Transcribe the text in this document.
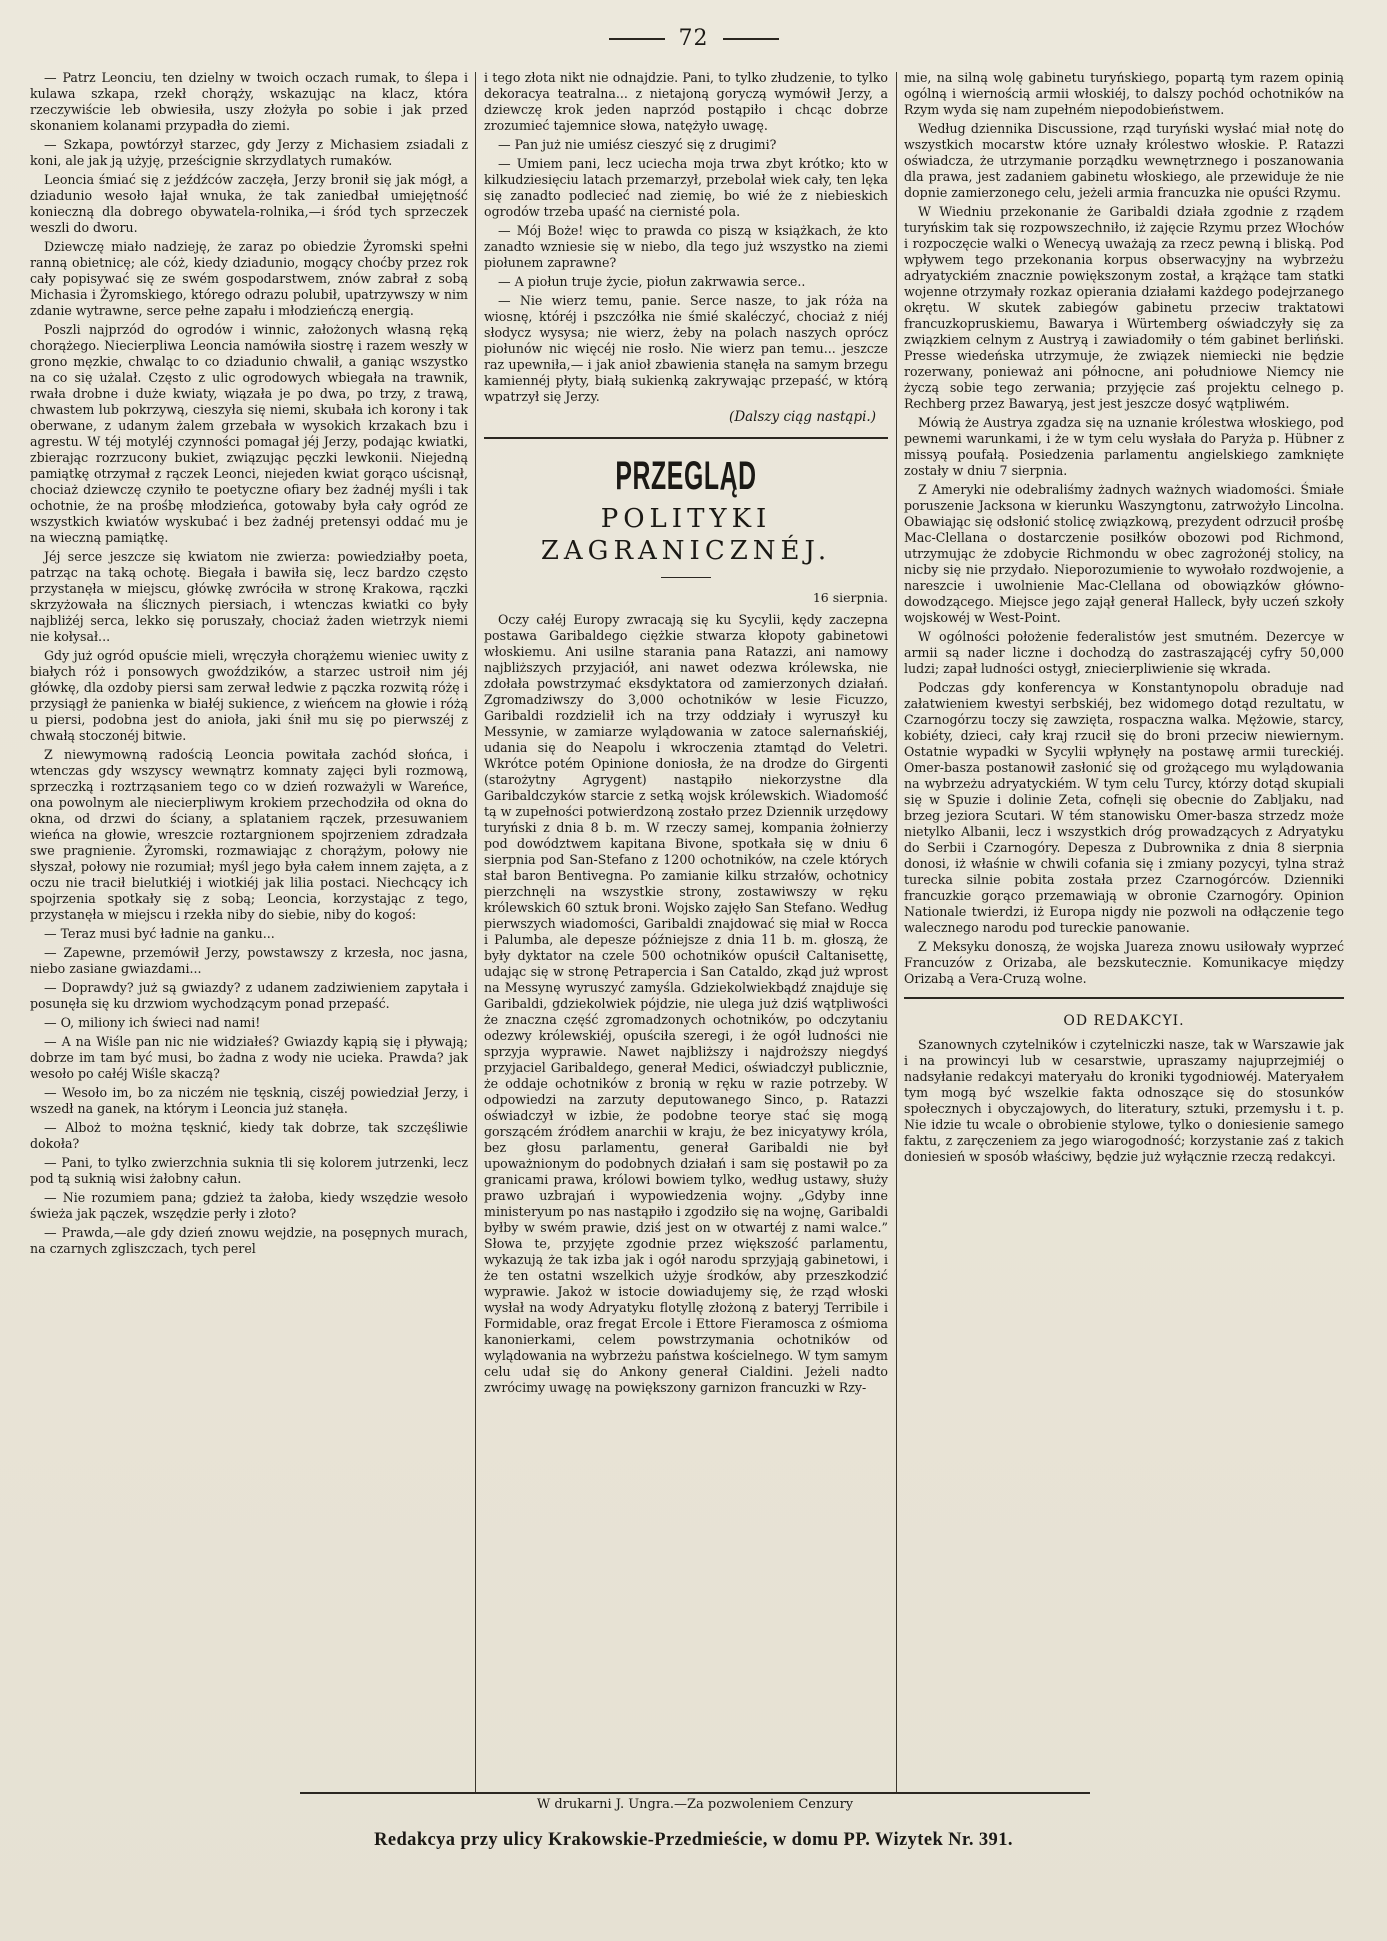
72

— Patrz Leonciu, ten dzielny w twoich oczach rumak, to ślepa i kulawa szkapa, rzekł chorąży, wskazując na klacz, która rzeczywiście leb obwiesiła, uszy złożyła po sobie i jak przed skonaniem kolanami przypadła do ziemi.

— Szkapa, powtórzył starzec, gdy Jerzy z Michasiem zsiadali z koni, ale jak ją użyję, prześcignie skrzydlatych rumaków.

Leoncia śmiać się z jeźdźców zaczęła, Jerzy bronił się jak mógł, a dziadunio wesoło łajał wnuka, że tak zaniedbał umiejętność konieczną dla dobrego obywatela-rolnika,—i śród tych sprzeczek weszli do dworu.

Dziewczę miało nadzieję, że zaraz po obiedzie Żyromski spełni ranną obietnicę; ale cóż, kiedy dziadunio, mogący choćby przez rok cały popisywać się ze swém gospodarstwem, znów zabrał z sobą Michasia i Żyromskiego, którego odrazu polubił, upatrzywszy w nim zdanie wytrawne, serce pełne zapału i młodzieńczą energią.

Poszli najprzód do ogrodów i winnic, założonych własną ręką chorążego. Niecierpliwa Leoncia namówiła siostrę i razem weszły w grono męzkie, chwaląc to co dziadunio chwalił, a ganiąc wszystko na co się użalał. Często z ulic ogrodowych wbiegała na trawnik, rwała drobne i duże kwiaty, wiązała je po dwa, po trzy, z trawą, chwastem lub pokrzywą, cieszyła się niemi, skubała ich korony i tak oberwane, z udanym żalem grzebała w wysokich krzakach bzu i agrestu. W téj motyléj czynności pomagał jéj Jerzy, podając kwiatki, zbierając rozrzucony bukiet, związując pęczki lewkonii. Niejedną pamiątkę otrzymał z rączek Leonci, niejeden kwiat gorąco uścisnął, chociaż dziewczę czyniło te poetyczne ofiary bez żadnéj myśli i tak ochotnie, że na prośbę młodzieńca, gotowaby była cały ogród ze wszystkich kwiatów wyskubać i bez żadnéj pretensyi oddać mu je na wieczną pamiątkę.

Jéj serce jeszcze się kwiatom nie zwierza: powiedziałby poeta, patrząc na taką ochotę. Biegała i bawiła się, lecz bardzo często przystanęła w miejscu, główkę zwróciła w stronę Krakowa, rączki skrzyżowała na ślicznych piersiach, i wtenczas kwiatki co były najbliżéj serca, lekko się poruszały, chociaż żaden wietrzyk niemi nie kołysał...

Gdy już ogród opuście mieli, wręczyła chorążemu wieniec uwity z białych róż i ponsowych gwoździków, a starzec ustroił nim jéj główkę, dla ozdoby piersi sam zerwał ledwie z pączka rozwitą różę i przysiągł że panienka w białéj sukience, z wieńcem na głowie i różą u piersi, podobna jest do anioła, jaki śnił mu się po pierwszéj z chwałą stoczonéj bitwie.

Z niewymowną radością Leoncia powitała zachód słońca, i wtenczas gdy wszyscy wewnątrz komnaty zajęci byli rozmową, sprzeczką i roztrząsaniem tego co w dzień rozważyli w Wareńce, ona powolnym ale niecierpliwym krokiem przechodziła od okna do okna, od drzwi do ściany, a splataniem rączek, przesuwaniem wieńca na głowie, wreszcie roztargnionem spojrzeniem zdradzała swe pragnienie. Żyromski, rozmawiając z chorążym, połowy nie słyszał, połowy nie rozumiał; myśl jego była całem innem zajęta, a z oczu nie tracił bielutkiéj i wiotkiéj jak lilia postaci. Niechcący ich spojrzenia spotkały się z sobą; Leoncia, korzystając z tego, przystanęła w miejscu i rzekła niby do siebie, niby do kogoś:

— Teraz musi być ładnie na ganku...

— Zapewne, przemówił Jerzy, powstawszy z krzesła, noc jasna, niebo zasiane gwiazdami...

— Doprawdy? już są gwiazdy? z udanem zadziwieniem zapytała i posunęła się ku drzwiom wychodzącym ponad przepaść.

— O, miliony ich świeci nad nami!

— A na Wiśle pan nic nie widziałeś? Gwiazdy kąpią się i pływają; dobrze im tam być musi, bo żadna z wody nie ucieka. Prawda? jak wesoło po całéj Wiśle skaczą?

— Wesoło im, bo za niczém nie tęsknią, ciszéj powiedział Jerzy, i wszedł na ganek, na którym i Leoncia już stanęła.

— Alboż to można tęsknić, kiedy tak dobrze, tak szczęśliwie dokoła?

— Pani, to tylko zwierzchnia suknia tli się kolorem jutrzenki, lecz pod tą suknią wisi żałobny całun.

— Nie rozumiem pana; gdzież ta żałoba, kiedy wszędzie wesoło świeża jak pączek, wszędzie perły i złoto?

— Prawda,—ale gdy dzień znowu wejdzie, na posępnych murach, na czarnych zgliszczach, tych perel

i tego złota nikt nie odnajdzie. Pani, to tylko złudzenie, to tylko dekoracya teatralna... z nietajoną goryczą wymówił Jerzy, a dziewczę krok jeden naprzód postąpiło i chcąc dobrze zrozumieć tajemnice słowa, natężyło uwagę.

— Pan już nie umiész cieszyć się z drugimi?

— Umiem pani, lecz uciecha moja trwa zbyt krótko; kto w kilkudziesięciu latach przemarzył, przebolał wiek cały, ten lęka się zanadto podlecieć nad ziemię, bo wié że z niebieskich ogrodów trzeba upaść na ciernisté pola.

— Mój Boże! więc to prawda co piszą w książkach, że kto zanadto wzniesie się w niebo, dla tego już wszystko na ziemi piołunem zaprawne?

— A piołun truje życie, piołun zakrwawia serce..

— Nie wierz temu, panie. Serce nasze, to jak róża na wiosnę, któréj i pszczółka nie śmié skaléczyć, chociaż z niéj słodycz wysysa; nie wierz, żeby na polach naszych oprócz piołunów nic więcéj nie rosło. Nie wierz pan temu... jeszcze raz upewniła,— i jak anioł zbawienia stanęła na samym brzegu kamiennéj płyty, białą sukienką zakrywając przepaść, w którą wpatrzył się Jerzy.

(Dalszy ciąg nastąpi.)
PRZEGLĄD
POLITYKI ZAGRANICZNÉJ.
16 sierpnia.

Oczy całéj Europy zwracają się ku Sycylii, kędy zaczepna postawa Garibaldego ciężkie stwarza kłopoty gabinetowi włoskiemu. Ani usilne starania pana Ratazzi, ani namowy najbliższych przyjaciół, ani nawet odezwa królewska, nie zdołała powstrzymać eksdyktatora od zamierzonych działań. Zgromadziwszy do 3,000 ochotników w lesie Ficuzzo, Garibaldi rozdzielił ich na trzy oddziały i wyruszył ku Messynie, w zamiarze wylądowania w zatoce salernańskiéj, udania się do Neapolu i wkroczenia ztamtąd do Veletri. Wkrótce potém Opinione doniosła, że na drodze do Girgenti (starożytny Agrygent) nastąpiło niekorzystne dla Garibaldczyków starcie z setką wojsk królewskich. Wiadomość tą w zupełności potwierdzoną zostało przez Dziennik urzędowy turyński z dnia 8 b. m. W rzeczy samej, kompania żołnierzy pod dowództwem kapitana Bivone, spotkała się w dniu 6 sierpnia pod San-Stefano z 1200 ochotników, na czele których stał baron Bentivegna. Po zamianie kilku strzałów, ochotnicy pierzchnęli na wszystkie strony, zostawiwszy w ręku królewskich 60 sztuk broni. Wojsko zajęło San Stefano. Według pierwszych wiadomości, Garibaldi znajdować się miał w Rocca i Palumba, ale depesze późniejsze z dnia 11 b. m. głoszą, że były dyktator na czele 500 ochotników opuścił Caltanisettę, udając się w stronę Petrapercia i San Cataldo, zkąd już wprost na Messynę wyruszyć zamyśla. Gdziekolwiekbądź znajduje się Garibaldi, gdziekolwiek pójdzie, nie ulega już dziś wątpliwości że znaczna część zgromadzonych ochotników, po odczytaniu odezwy królewskiéj, opuściła szeregi, i że ogół ludności nie sprzyja wyprawie. Nawet najbliższy i najdroższy niegdyś przyjaciel Garibaldego, generał Medici, oświadczył publicznie, że oddaje ochotników z bronią w ręku w razie potrzeby. W odpowiedzi na zarzuty deputowanego Sinco, p. Ratazzi oświadczył w izbie, że podobne teorye stać się mogą gorszącém źródłem anarchii w kraju, że bez inicyatywy króla, bez głosu parlamentu, generał Garibaldi nie był upoważnionym do podobnych działań i sam się postawił po za granicami prawa, królowi bowiem tylko, według ustawy, służy prawo uzbrajań i wypowiedzenia wojny. „Gdyby inne ministeryum po nas nastąpiło i zgodziło się na wojnę, Garibaldi byłby w swém prawie, dziś jest on w otwartéj z nami walce.” Słowa te, przyjęte zgodnie przez większość parlamentu, wykazują że tak izba jak i ogół narodu sprzyjają gabinetowi, i że ten ostatni wszelkich użyje środków, aby przeszkodzić wyprawie. Jakoż w istocie dowiadujemy się, że rząd włoski wysłał na wody Adryatyku flotyllę złożoną z bateryj Terribile i Formidable, oraz fregat Ercole i Ettore Fieramosca z ośmioma kanonierkami, celem powstrzymania ochotników od wylądowania na wybrzeżu państwa kościelnego. W tym samym celu udał się do Ankony generał Cialdini. Jeżeli nadto zwrócimy uwagę na powiększony garnizon francuzki w Rzy-

mie, na silną wolę gabinetu turyńskiego, popartą tym razem opinią ogólną i wiernością armii włoskiéj, to dalszy pochód ochotników na Rzym wyda się nam zupełném niepodobieństwem.

Według dziennika Discussione, rząd turyński wysłać miał notę do wszystkich mocarstw które uznały królestwo włoskie. P. Ratazzi oświadcza, że utrzymanie porządku wewnętrznego i poszanowania dla prawa, jest zadaniem gabinetu włoskiego, ale przewiduje że nie dopnie zamierzonego celu, jeżeli armia francuzka nie opuści Rzymu.

W Wiedniu przekonanie że Garibaldi działa zgodnie z rządem turyńskim tak się rozpowszechniło, iż zajęcie Rzymu przez Włochów i rozpoczęcie walki o Wenecyą uważają za rzecz pewną i bliską. Pod wpływem tego przekonania korpus obserwacyjny na wybrzeżu adryatyckiém znacznie powiększonym został, a krążące tam statki wojenne otrzymały rozkaz opierania działami każdego podejrzanego okrętu. W skutek zabiegów gabinetu przeciw traktatowi francuzkopruskiemu, Bawarya i Würtemberg oświadczyły się za związkiem celnym z Austryą i zawiadomiły o tém gabinet berliński. Presse wiedeńska utrzymuje, że związek niemiecki nie będzie rozerwany, ponieważ ani północne, ani południowe Niemcy nie życzą sobie tego zerwania; przyjęcie zaś projektu celnego p. Rechberg przez Bawaryą, jest jest jeszcze dosyć wątpliwém.

Mówią że Austrya zgadza się na uznanie królestwa włoskiego, pod pewnemi warunkami, i że w tym celu wysłała do Paryża p. Hübner z missyą poufałą. Posiedzenia parlamentu angielskiego zamknięte zostały w dniu 7 sierpnia.

Z Ameryki nie odebraliśmy żadnych ważnych wiadomości. Śmiałe poruszenie Jacksona w kierunku Waszyngtonu, zatrwożyło Lincolna. Obawiając się odsłonić stolicę związkową, prezydent odrzucił prośbę Mac-Clellana o dostarczenie posiłków obozowi pod Richmond, utrzymując że zdobycie Richmondu w obec zagrożonéj stolicy, na nicby się nie przydało. Nieporozumienie to wywołało rozdwojenie, a nareszcie i uwolnienie Mac-Clellana od obowiązków główno-dowodzącego. Miejsce jego zajął generał Halleck, były uczeń szkoły wojskowéj w West-Point.

W ogólności położenie federalistów jest smutném. Dezercye w armii są nader liczne i dochodzą do zastraszającéj cyfry 50,000 ludzi; zapał ludności ostygł, zniecierpliwienie się wkrada.

Podczas gdy konferencya w Konstantynopolu obraduje nad załatwieniem kwestyi serbskiéj, bez widomego dotąd rezultatu, w Czarnogórzu toczy się zawzięta, rospaczna walka. Mężowie, starcy, kobiéty, dzieci, cały kraj rzucił się do broni przeciw niewiernym. Ostatnie wypadki w Sycylii wpłynęły na postawę armii tureckiéj. Omer-basza postanowił zasłonić się od grożącego mu wylądowania na wybrzeżu adryatyckiém. W tym celu Turcy, którzy dotąd skupiali się w Spuzie i dolinie Zeta, cofnęli się obecnie do Zabljaku, nad brzeg jeziora Scutari. W tém stanowisku Omer-basza strzedz może nietylko Albanii, lecz i wszystkich dróg prowadzących z Adryatyku do Serbii i Czarnogóry. Depesza z Dubrownika z dnia 8 sierpnia donosi, iż właśnie w chwili cofania się i zmiany pozycyi, tylna straż turecka silnie pobita została przez Czarnogórców. Dzienniki francuzkie gorąco przemawiają w obronie Czarnogóry. Opinion Nationale twierdzi, iż Europa nigdy nie pozwoli na odłączenie tego walecznego narodu pod tureckie panowanie.

Z Meksyku donoszą, że wojska Juareza znowu usiłowały wyprzeć Francuzów z Orizaba, ale bezskutecznie. Komunikacye między Orizabą a Vera-Cruzą wolne.

OD REDAKCYI.

Szanownych czytelników i czytelniczki nasze, tak w Warszawie jak i na prowincyi lub w cesarstwie, upraszamy najuprzejmiéj o nadsyłanie redakcyi materyału do kroniki tygodniowéj. Materyałem tym mogą być wszelkie fakta odnoszące się do stosunków społecznych i obyczajowych, do literatury, sztuki, przemysłu i t. p. Nie idzie tu wcale o obrobienie stylowe, tylko o doniesienie samego faktu, z zaręczeniem za jego wiarogodność; korzystanie zaś z takich doniesień w sposób właściwy, będzie już wyłącznie rzeczą redakcyi.

W drukarni J. Ungra.—Za pozwoleniem Cenzury
Redakcya przy ulicy Krakowskie-Przedmieście, w domu PP. Wizytek Nr. 391.
